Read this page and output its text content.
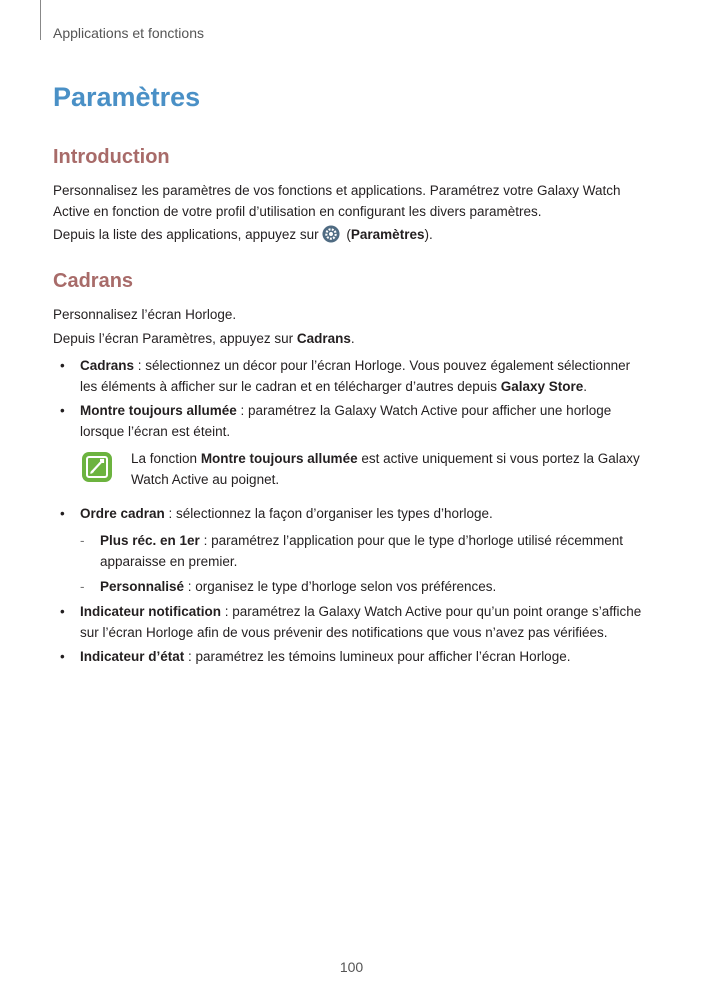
Applications et fonctions
Paramètres
Introduction

Personnalisez les paramètres de vos fonctions et applications. Paramétrez votre Galaxy Watch Active en fonction de votre profil d’utilisation en configurant les divers paramètres.

Depuis la liste des applications, appuyez sur (Paramètres).

Cadrans

Personnalisez l’écran Horloge.

Depuis l’écran Paramètres, appuyez sur Cadrans.

• Cadrans : sélectionnez un décor pour l’écran Horloge. Vous pouvez également sélectionner les éléments à afficher sur le cadran et en télécharger d’autres depuis Galaxy Store.
• Montre toujours allumée : paramétrez la Galaxy Watch Active pour afficher une horloge lorsque l’écran est éteint.
La fonction Montre toujours allumée est active uniquement si vous portez la Galaxy Watch Active au poignet.
• Ordre cadran : sélectionnez la façon d’organiser les types d’horloge.
- Plus réc. en 1er : paramétrez l’application pour que le type d’horloge utilisé récemment apparaisse en premier.
- Personnalisé : organisez le type d’horloge selon vos préférences.
• Indicateur notification : paramétrez la Galaxy Watch Active pour qu’un point orange s’affiche sur l’écran Horloge afin de vous prévenir des notifications que vous n’avez pas vérifiées.
• Indicateur d’état : paramétrez les témoins lumineux pour afficher l’écran Horloge.
100
